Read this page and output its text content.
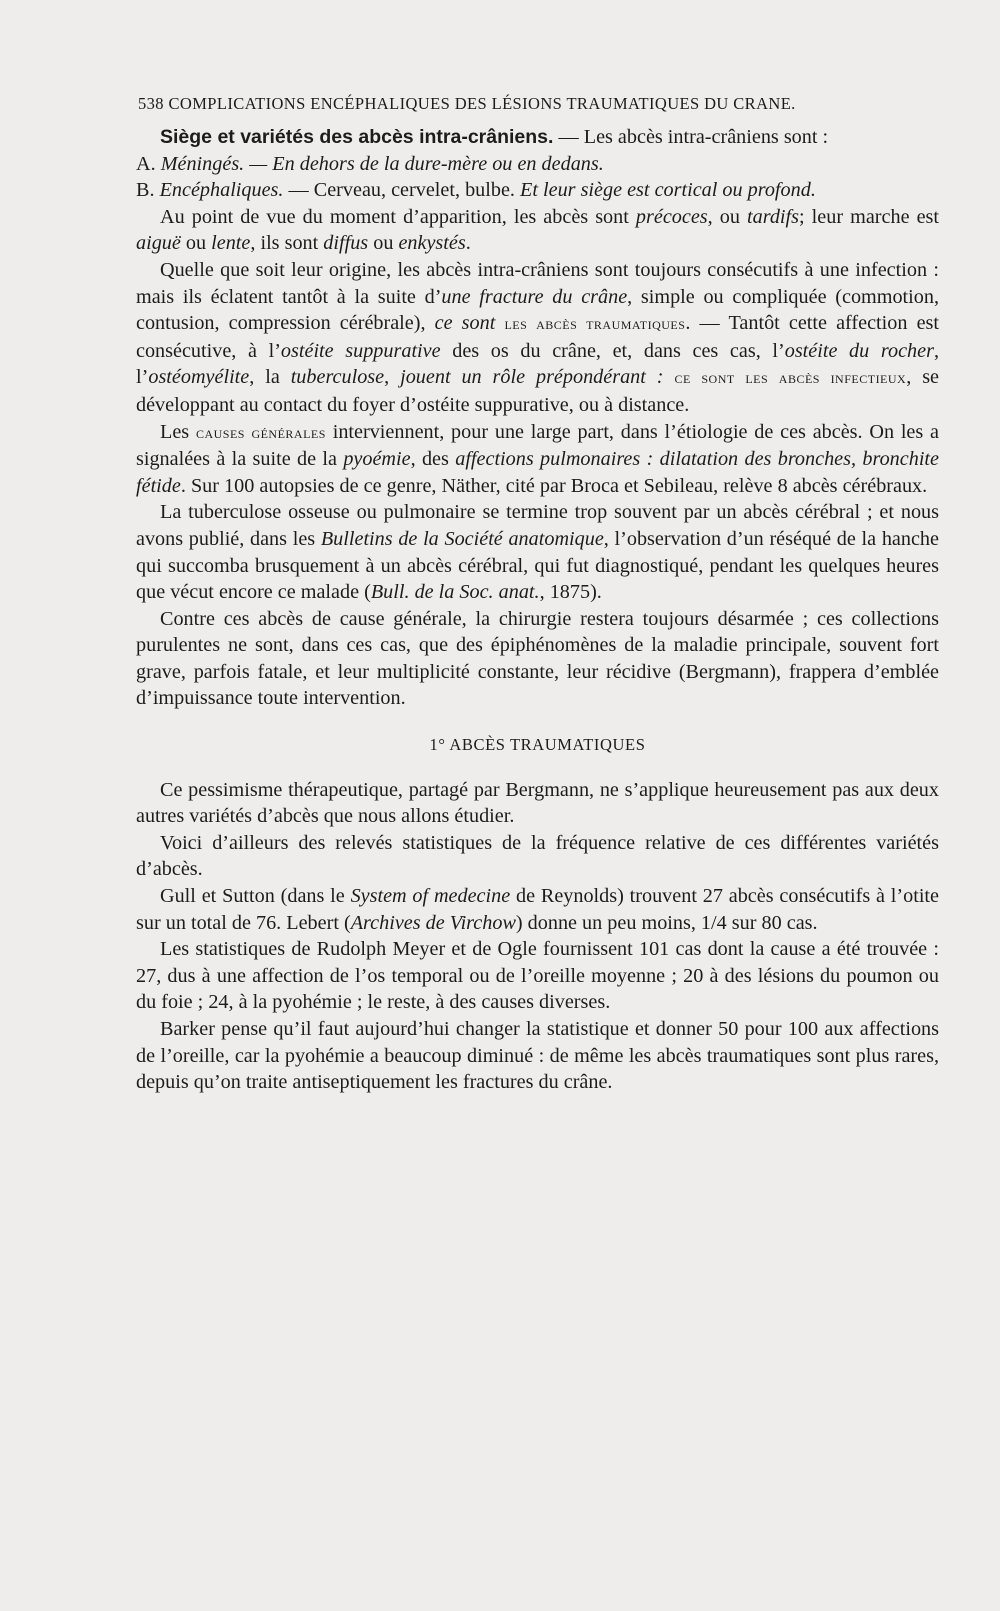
538 COMPLICATIONS ENCÉPHALIQUES DES LÉSIONS TRAUMATIQUES DU CRANE.

Siège et variétés des abcès intra-crâniens. — Les abcès intra-crâniens sont :

A. Méningés. — En dehors de la dure-mère ou en dedans.

B. Encéphaliques. — Cerveau, cervelet, bulbe. Et leur siège est cortical ou profond.

Au point de vue du moment d’apparition, les abcès sont précoces, ou tardifs; leur marche est aiguë ou lente, ils sont diffus ou enkystés.

Quelle que soit leur origine, les abcès intra-crâniens sont toujours consécutifs à une infection : mais ils éclatent tantôt à la suite d’une fracture du crâne, simple ou compliquée (commotion, contusion, compression cérébrale), ce sont les abcès traumatiques. — Tantôt cette affection est consécutive, à l’ostéite suppurative des os du crâne, et, dans ces cas, l’ostéite du rocher, l’ostéomyélite, la tuberculose, jouent un rôle prépondérant : ce sont les abcès infectieux, se développant au contact du foyer d’ostéite suppurative, ou à distance.

Les causes générales interviennent, pour une large part, dans l’étiologie de ces abcès. On les a signalées à la suite de la pyoémie, des affections pulmonaires : dilatation des bronches, bronchite fétide. Sur 100 autopsies de ce genre, Näther, cité par Broca et Sebileau, relève 8 abcès cérébraux.

La tuberculose osseuse ou pulmonaire se termine trop souvent par un abcès cérébral ; et nous avons publié, dans les Bulletins de la Société anatomique, l’observation d’un réséqué de la hanche qui succomba brusquement à un abcès cérébral, qui fut diagnostiqué, pendant les quelques heures que vécut encore ce malade (Bull. de la Soc. anat., 1875).

Contre ces abcès de cause générale, la chirurgie restera toujours désarmée ; ces collections purulentes ne sont, dans ces cas, que des épiphénomènes de la maladie principale, souvent fort grave, parfois fatale, et leur multiplicité constante, leur récidive (Bergmann), frappera d’emblée d’impuissance toute intervention.

1° ABCÈS TRAUMATIQUES

Ce pessimisme thérapeutique, partagé par Bergmann, ne s’applique heureusement pas aux deux autres variétés d’abcès que nous allons étudier.

Voici d’ailleurs des relevés statistiques de la fréquence relative de ces différentes variétés d’abcès.

Gull et Sutton (dans le System of medecine de Reynolds) trouvent 27 abcès consécutifs à l’otite sur un total de 76. Lebert (Archives de Virchow) donne un peu moins, 1/4 sur 80 cas.

Les statistiques de Rudolph Meyer et de Ogle fournissent 101 cas dont la cause a été trouvée : 27, dus à une affection de l’os temporal ou de l’oreille moyenne ; 20 à des lésions du poumon ou du foie ; 24, à la pyohémie ; le reste, à des causes diverses.

Barker pense qu’il faut aujourd’hui changer la statistique et donner 50 pour 100 aux affections de l’oreille, car la pyohémie a beaucoup diminué : de même les abcès traumatiques sont plus rares, depuis qu’on traite antiseptiquement les fractures du crâne.
